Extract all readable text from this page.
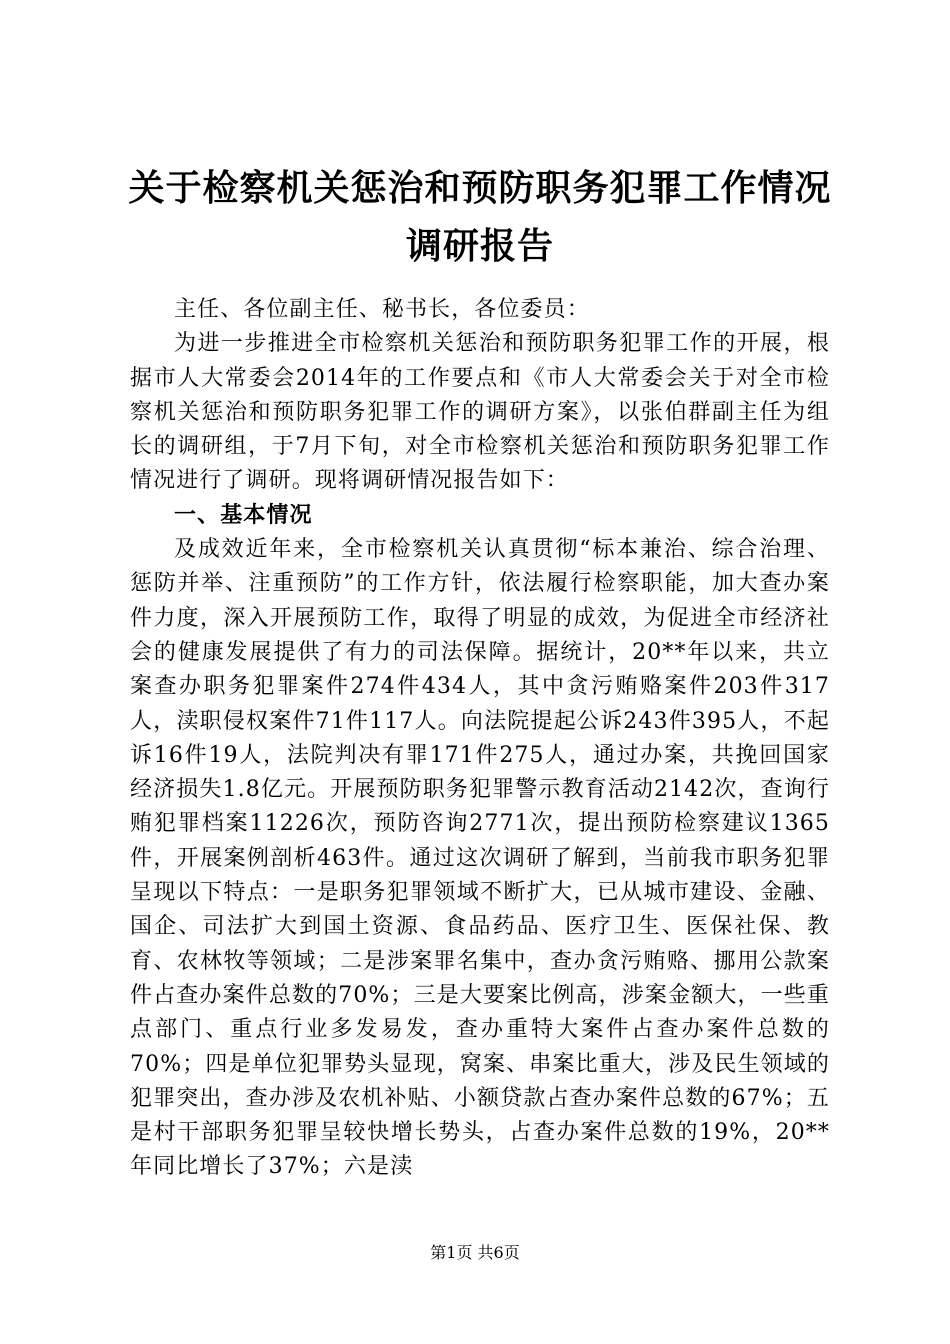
关于检察机关惩治和预防职务犯罪工作情况调研报告

主任、各位副主任、秘书长，各位委员：

为进一步推进全市检察机关惩治和预防职务犯罪工作的开展，根据市人大常委会2014年的工作要点和《市人大常委会关于对全市检察机关惩治和预防职务犯罪工作的调研方案》，以张伯群副主任为组长的调研组，于7月下旬，对全市检察机关惩治和预防职务犯罪工作情况进行了调研。现将调研情况报告如下：

一、基本情况

及成效近年来，全市检察机关认真贯彻“标本兼治、综合治理、惩防并举、注重预防”的工作方针，依法履行检察职能，加大查办案件力度，深入开展预防工作，取得了明显的成效，为促进全市经济社会的健康发展提供了有力的司法保障。据统计，20**年以来，共立案查办职务犯罪案件274件434人，其中贪污贿赂案件203件317人，渎职侵权案件71件117人。向法院提起公诉243件395人，不起诉16件19人，法院判决有罪171件275人，通过办案，共挽回国家经济损失1.8亿元。开展预防职务犯罪警示教育活动2142次，查询行贿犯罪档案11226次，预防咨询2771次，提出预防检察建议1365件，开展案例剖析463件。通过这次调研了解到，当前我市职务犯罪呈现以下特点：一是职务犯罪领域不断扩大，已从城市建设、金融、国企、司法扩大到国土资源、食品药品、医疗卫生、医保社保、教育、农林牧等领域；二是涉案罪名集中，查办贪污贿赂、挪用公款案件占查办案件总数的70%；三是大要案比例高，涉案金额大，一些重点部门、重点行业多发易发，查办重特大案件占查办案件总数的70%；四是单位犯罪势头显现，窝案、串案比重大，涉及民生领域的犯罪突出，查办涉及农机补贴、小额贷款占查办案件总数的67%；五是村干部职务犯罪呈较快增长势头，占查办案件总数的19%，20**年同比增长了37%；六是渎

第1页 共6页
